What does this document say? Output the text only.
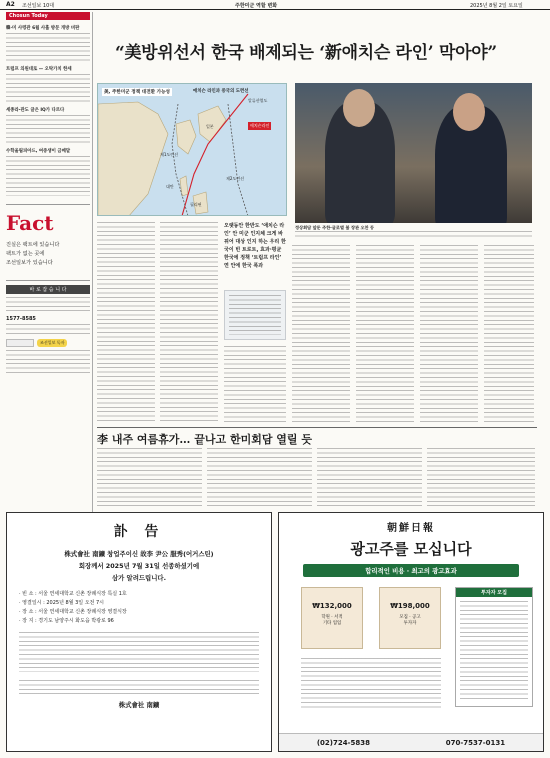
A2 조선일보 10대	주한미군 역할 변화	2025년 8월 2일 토요일
Chosun Today
韓·미 사령관 6월 사흘 방문 개방 비판
트럼프 의원대로 — 오탁가치 한세
세종라·관도 글은 IQ가 다르다
수학올림피아드, 여중생이 금메달
Fact
진실은 팩트에 있습니다
팩트가 없는 곳에
조선일보가 있습니다
바 로 잡 습 니 다
1577-8585
조선일보 독자
“美방위선서 한국 배제되는 ‘新애치슨 라인’ 막아야”
美, 주한미군 정책 대전환 가능성	애치슨 라인과 중국의 도련선
애치슨라인
알류샨열도
제1도련선
제2도련선
일본
대만
필리핀
정상회담 앞둔 주한·글로벌 볼 장관 오찬 등
오랫동안 한반도 ‘애치슨 라인’ 안 미군 인지체 크게 바뀌어 대상 인지 하는 우리 한국이 빈 트로트, 효과·평균 한국에 정책 ‘트럼프 라인’ 연 안에 한국 폭과
李 내주 여름휴가… 끝나고 한미회담 열릴 듯
訃 告
株式會社 南鑛 창업주이신 故李 尹公 服秀(어거스틴)
회장께서 2025년 7월 31일 선종하셨기에
삼가 알려드립니다.
· 빈 소 : 서울 연세대학교 신촌 장례식장 특실 1호
· 영결일시 : 2025년 8월 3일 오전 7시
· 장 소 : 서울 연세대학교 신촌 장례식장 영결식장
· 장 지 : 경기도 남양주시 화도읍 박광로 96
株式會社 南鑛
朝鮮日報
광고주를 모십니다
합리적인 비용 · 최고의 광고효과
₩132,000
학원 · 서적
기타 업업
₩198,000
모집 · 공고
투자자
투자자 모집
(02)724-5838	070-7537-0131
